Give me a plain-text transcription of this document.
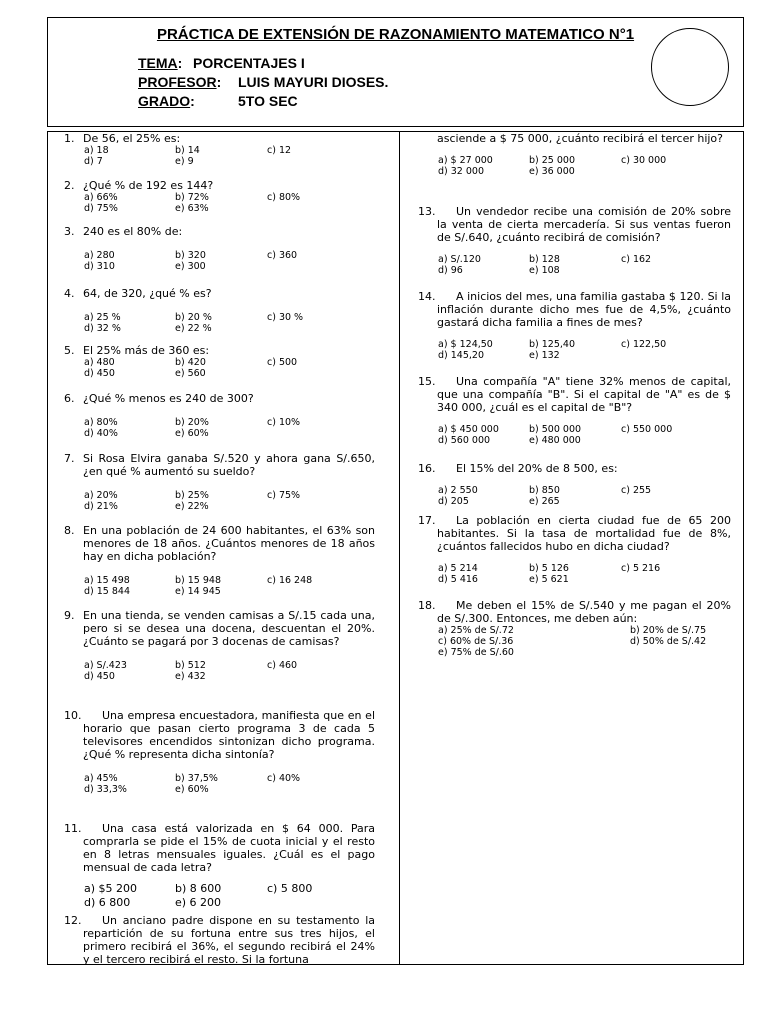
PRÁCTICA DE EXTENSIÓN DE RAZONAMIENTO MATEMATICO N°1
TEMA: PORCENTAJES I
PROFESOR: LUIS MAYURI DIOSES.
GRADO:	5TO SEC
1. De 56, el 25% es:
a) 18	b) 14	c) 12
d) 7	e) 9
2. ¿Qué % de 192 es 144?
a) 66%	b) 72%	c) 80%
d) 75%	e) 63%
3. 240 es el 80% de:
a) 280	b) 320	c) 360
d) 310	e) 300
4. 64, de 320, ¿qué % es?
a) 25 %	b) 20 %	c) 30 %
d) 32 %	e) 22 %
5. El 25% más de 360 es:
a) 480	b) 420	c) 500
d) 450	e) 560
6. ¿Qué % menos es 240 de 300?
a) 80%	b) 20%	c) 10%
d) 40%	e) 60%
7. Si Rosa Elvira ganaba S/.520 y ahora gana S/.650, ¿en qué % aumentó su sueldo?
a) 20%	b) 25%	c) 75%
d) 21%	e) 22%
8. En una población de 24 600 habitantes, el 63% son menores de 18 años. ¿Cuántos menores de 18 años hay en dicha población?
a) 15 498	b) 15 948	c) 16 248
d) 15 844	e) 14 945
9. En una tienda, se venden camisas a S/.15 cada una, pero si se desea una docena, descuentan el 20%. ¿Cuánto se pagará por 3 docenas de camisas?
a) S/.423	b) 512	c) 460
d) 450	e) 432
10. Una empresa encuestadora, manifiesta que en el horario que pasan cierto programa 3 de cada 5 televisores encendidos sintonizan dicho programa. ¿Qué % representa dicha sintonía?
a) 45%	b) 37,5%	c) 40%
d) 33,3%	e) 60%
11. Una casa está valorizada en $ 64 000. Para comprarla se pide el 15% de cuota inicial y el resto en 8 letras mensuales iguales. ¿Cuál es el pago mensual de cada letra?
a) $5 200	b) 8 600	c) 5 800
d) 6 800	e) 6 200
12. Un anciano padre dispone en su testamento la repartición de su fortuna entre sus tres hijos, el primero recibirá el 36%, el segundo recibirá el 24% y el tercero recibirá el resto. Si la fortuna
asciende a $ 75 000, ¿cuánto recibirá el tercer hijo?
a) $ 27 000	b) 25 000	c) 30 000
d) 32 000	e) 36 000
13. Un vendedor recibe una comisión de 20% sobre la venta de cierta mercadería. Si sus ventas fueron de S/.640, ¿cuánto recibirá de comisión?
a) S/.120	b) 128	c) 162
d) 96	e) 108
14. A inicios del mes, una familia gastaba $ 120. Si la inflación durante dicho mes fue de 4,5%, ¿cuánto gastará dicha familia a fines de mes?
a) $ 124,50	b) 125,40	c) 122,50
d) 145,20	e) 132
15. Una compañía "A" tiene 32% menos de capital, que una compañía "B". Si el capital de "A" es de $ 340 000, ¿cuál es el capital de "B"?
a) $ 450 000	b) 500 000	c) 550 000
d) 560 000	e) 480 000
16. El 15% del 20% de 8 500, es:
a) 2 550	b) 850	c) 255
d) 205	e) 265
17. La población en cierta ciudad fue de 65 200 habitantes. Si la tasa de mortalidad fue de 8%, ¿cuántos fallecidos hubo en dicha ciudad?
a) 5 214	b) 5 126	c) 5 216
d) 5 416	e) 5 621
18. Me deben el 15% de S/.540 y me pagan el 20% de S/.300. Entonces, me deben aún:
a) 25% de S/.72	b) 20% de S/.75
c) 60% de S/.36	d) 50% de S/.42
e) 75% de S/.60
